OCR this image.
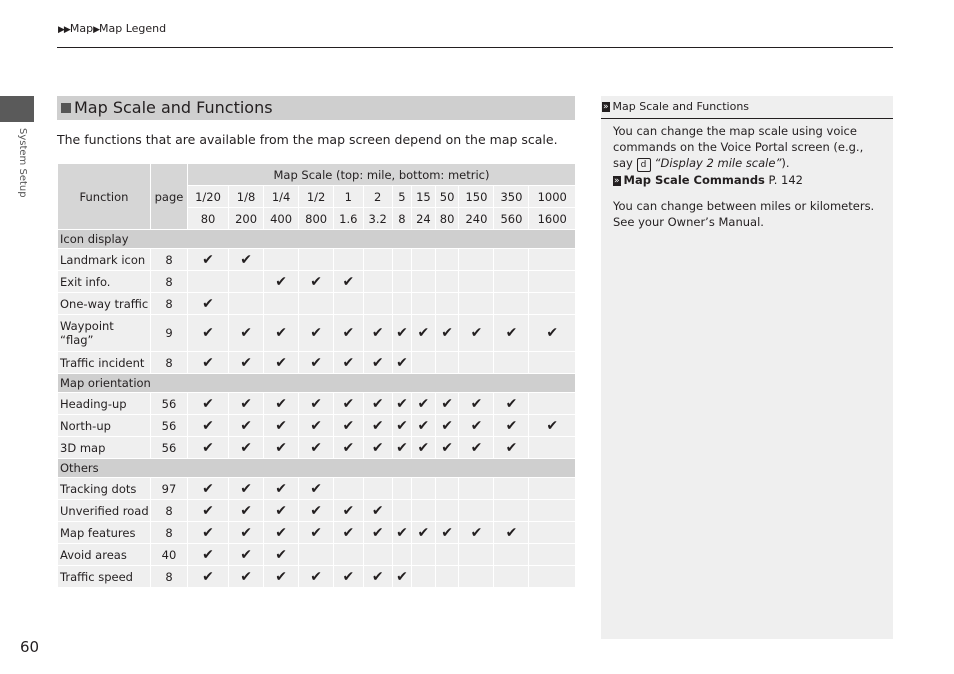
▶▶Map▶Map Legend
System Setup
60
Map Scale and Functions
The functions that are available from the map screen depend on the map scale.
Function	page	Map Scale (top: mile, bottom: metric)											
		1/20	1/8	1/4	1/2	1	2	5	15	50	150	350	1000
		80	200	400	800	1.6	3.2	8	24	80	240	560	1600
Icon display													
Landmark icon	8	✔	✔										
Exit info.	8			✔	✔	✔							
One-way traffic	8	✔											
Waypoint “flag”	9	✔	✔	✔	✔	✔	✔	✔	✔	✔	✔	✔	✔
Traffic incident	8	✔	✔	✔	✔	✔	✔	✔					
Map orientation													
Heading-up	56	✔	✔	✔	✔	✔	✔	✔	✔	✔	✔	✔	
North-up	56	✔	✔	✔	✔	✔	✔	✔	✔	✔	✔	✔	✔
3D map	56	✔	✔	✔	✔	✔	✔	✔	✔	✔	✔	✔	
Others													
Tracking dots	97	✔	✔	✔	✔								
Unverified road	8	✔	✔	✔	✔	✔	✔						
Map features	8	✔	✔	✔	✔	✔	✔	✔	✔	✔	✔	✔	
Avoid areas	40	✔	✔	✔									
Traffic speed	8	✔	✔	✔	✔	✔	✔	✔					
» Map Scale and Functions

You can change the map scale using voice commands on the Voice Portal screen (e.g., say d “Display 2 mile scale”).
» Map Scale Commands P. 142

You can change between miles or kilometers. See your Owner’s Manual.
